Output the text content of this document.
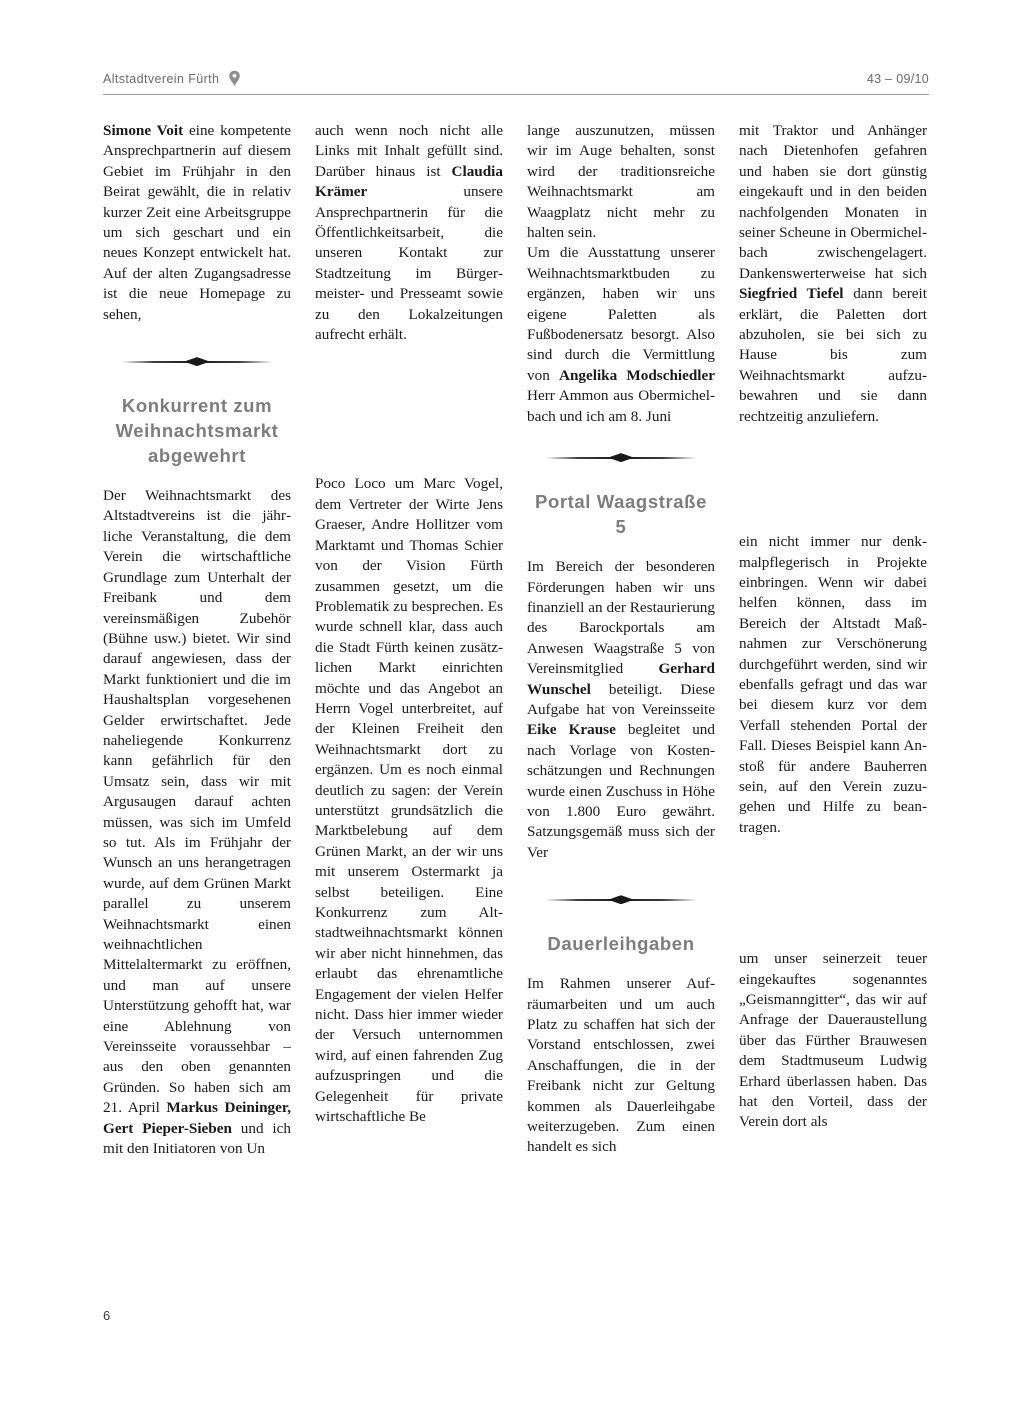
Altstadtverein Fürth	43 – 09/10

Simone Voit eine kompetente Ansprechpartnerin auf diesem Gebiet im Frühjahr in den Beirat gewählt, die in relativ kurzer Zeit eine Arbeitsgruppe um sich geschart und ein neues Konzept entwickelt hat. Auf der alten Zugangsadresse ist die neue Homepage zu sehen,

Konkurrent zum Weihnachtsmarkt abgewehrt

Der Weihnachtsmarkt des Altstadtvereins ist die jährliche Veranstaltung, die dem Verein die wirtschaftliche Grundlage zum Unterhalt der Freibank und dem vereinsmäßigen Zubehör (Bühne usw.) bietet. Wir sind darauf angewiesen, dass der Markt funktioniert und die im Haushaltsplan vorgesehenen Gelder erwirtschaftet. Jede naheliegende Konkurrenz kann gefährlich für den Umsatz sein, dass wir mit Argusaugen darauf achten müssen, was sich im Umfeld so tut. Als im Frühjahr der Wunsch an uns herangetragen wurde, auf dem Grünen Markt parallel zu unserem Weihnachtsmarkt einen weihnachtlichen Mittelaltermarkt zu eröffnen, und man auf unsere Unterstützung gehofft hat, war eine Ablehnung von Vereinsseite voraussehbar – aus den oben genannten Gründen. So haben sich am 21. April Markus Deininger, Gert Pieper-Sieben und ich mit den Initiatoren von Un

auch wenn noch nicht alle Links mit Inhalt gefüllt sind. Darüber hinaus ist Claudia Krämer unsere Ansprechpartnerin für die Öffentlichkeitsarbeit, die unseren Kontakt zur Stadtzeitung im Bürgermeister- und Presseamt sowie zu den Lokalzeitungen aufrecht erhält.

Poco Loco um Marc Vogel, dem Vertreter der Wirte Jens Graeser, Andre Hollitzer vom Marktamt und Thomas Schier von der Vision Fürth zusammen gesetzt, um die Problematik zu besprechen. Es wurde schnell klar, dass auch die Stadt Fürth keinen zusätzlichen Markt einrichten möchte und das Angebot an Herrn Vogel unterbreitet, auf der Kleinen Freiheit den Weihnachtsmarkt dort zu ergänzen. Um es noch einmal deutlich zu sagen: der Verein unterstützt grundsätzlich die Marktbelebung auf dem Grünen Markt, an der wir uns mit unserem Ostermarkt ja selbst beteiligen. Eine Konkurrenz zum Altstadtweihnachtsmarkt können wir aber nicht hinnehmen, das erlaubt das ehrenamtliche Engagement der vielen Helfer nicht. Dass hier immer wieder der Versuch unternommen wird, auf einen fahrenden Zug aufzuspringen und die Gelegenheit für private wirtschaftliche Be

lange auszunutzen, müssen wir im Auge behalten, sonst wird der traditionsreiche Weihnachtsmarkt am Waagplatz nicht mehr zu halten sein.

Um die Ausstattung unserer Weihnachtsmarktbuden zu ergänzen, haben wir uns eigene Paletten als Fußbodenersatz besorgt. Also sind durch die Vermittlung von Angelika Modschiedler Herr Ammon aus Obermichelbach und ich am 8. Juni

Portal Waagstraße 5

Im Bereich der besonderen Förderungen haben wir uns finanziell an der Restaurierung des Barockportals am Anwesen Waagstraße 5 von Vereinsmitglied Gerhard Wunschel beteiligt. Diese Aufgabe hat von Vereinsseite Eike Krause begleitet und nach Vorlage von Kostenschätzungen und Rechnungen wurde einen Zuschuss in Höhe von 1.800 Euro gewährt. Satzungsgemäß muss sich der Ver

Dauerleihgaben

Im Rahmen unserer Aufräumarbeiten und um auch Platz zu schaffen hat sich der Vorstand entschlossen, zwei Anschaffungen, die in der Freibank nicht zur Geltung kommen als Dauerleihgabe weiterzugeben. Zum einen handelt es sich

mit Traktor und Anhänger nach Dietenhofen gefahren und haben sie dort günstig eingekauft und in den beiden nachfolgenden Monaten in seiner Scheune in Obermichelbach zwischengelagert. Dankenswerterweise hat sich Siegfried Tiefel dann bereit erklärt, die Paletten dort abzuholen, sie bei sich zu Hause bis zum Weihnachtsmarkt aufzubewahren und sie dann rechtzeitig anzuliefern.

ein nicht immer nur denkmalpflegerisch in Projekte einbringen. Wenn wir dabei helfen können, dass im Bereich der Altstadt Maßnahmen zur Verschönerung durchgeführt werden, sind wir ebenfalls gefragt und das war bei diesem kurz vor dem Verfall stehenden Portal der Fall. Dieses Beispiel kann Anstoß für andere Bauherren sein, auf den Verein zuzugehen und Hilfe zu beantragen.

um unser seinerzeit teuer eingekauftes sogenanntes „Geismanngitter“, das wir auf Anfrage der Daueraustellung über das Fürther Brauwesen dem Stadtmuseum Ludwig Erhard überlassen haben. Das hat den Vorteil, dass der Verein dort als

6
